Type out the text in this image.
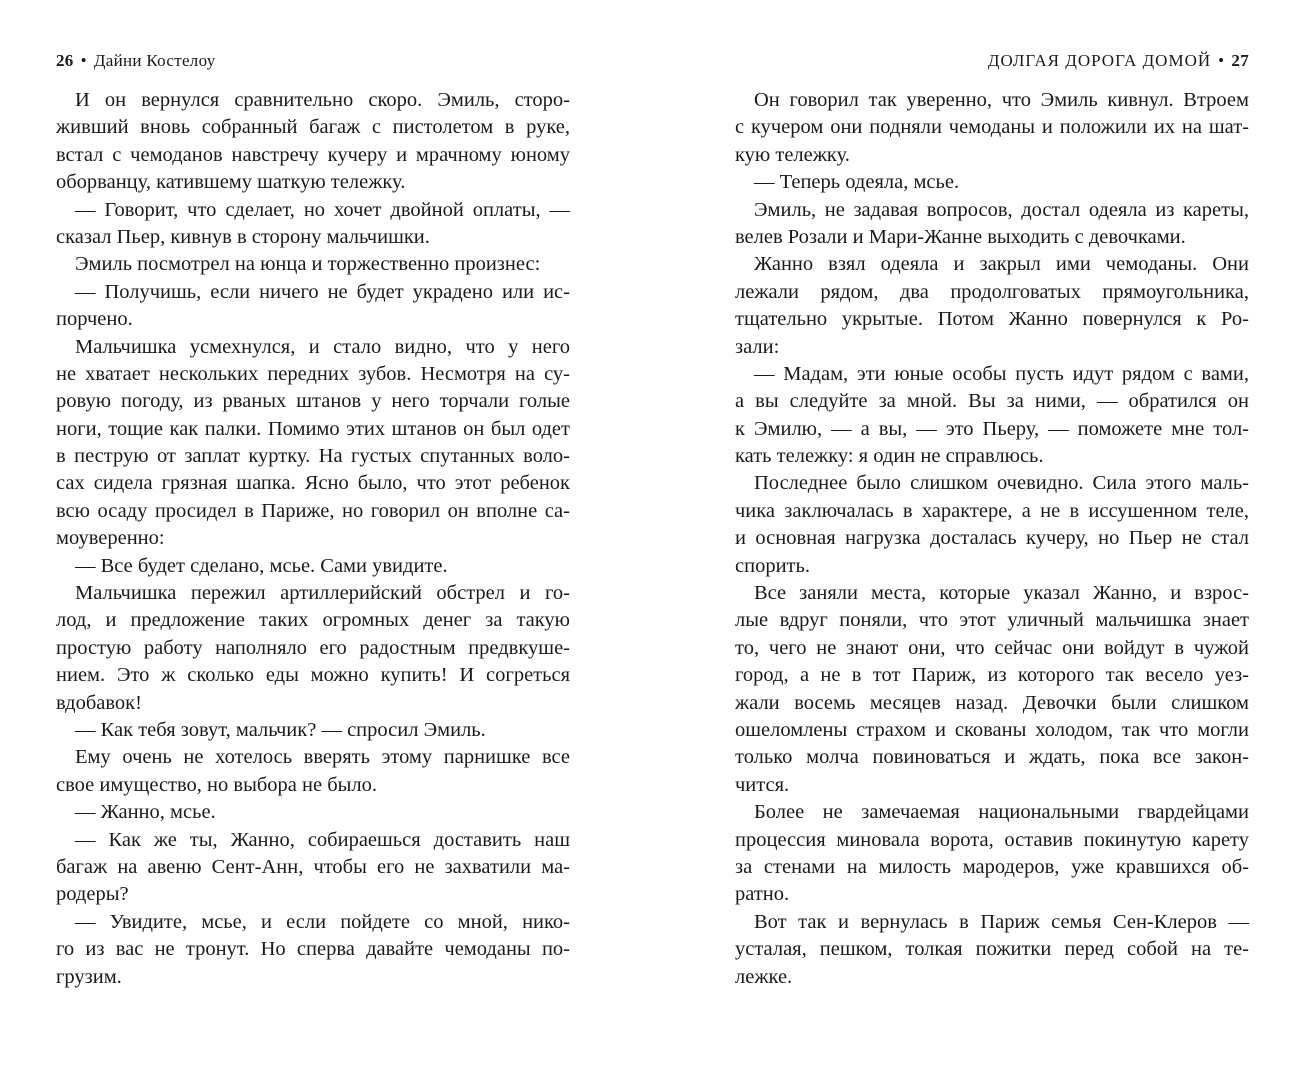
26 • Дайни Костелоу
И он вернулся сравнительно скоро. Эмиль, сторо-
живший вновь собранный багаж с пистолетом в руке,
встал с чемоданов навстречу кучеру и мрачному юному
оборванцу, катившему шаткую тележку.
— Говорит, что сделает, но хочет двойной оплаты, —
сказал Пьер, кивнув в сторону мальчишки.
Эмиль посмотрел на юнца и торжественно произнес:
— Получишь, если ничего не будет украдено или ис-
порчено.
Мальчишка усмехнулся, и стало видно, что у него
не хватает нескольких передних зубов. Несмотря на су-
ровую погоду, из рваных штанов у него торчали голые
ноги, тощие как палки. Помимо этих штанов он был одет
в пеструю от заплат куртку. На густых спутанных воло-
сах сидела грязная шапка. Ясно было, что этот ребенок
всю осаду просидел в Париже, но говорил он вполне са-
моуверенно:
— Все будет сделано, мсье. Сами увидите.
Мальчишка пережил артиллерийский обстрел и го-
лод, и предложение таких огромных денег за такую
простую работу наполняло его радостным предвкуше-
нием. Это ж сколько еды можно купить! И согреться
вдобавок!
— Как тебя зовут, мальчик? — спросил Эмиль.
Ему очень не хотелось вверять этому парнишке все
свое имущество, но выбора не было.
— Жанно, мсье.
— Как же ты, Жанно, собираешься доставить наш
багаж на авеню Сент-Анн, чтобы его не захватили ма-
родеры?
— Увидите, мсье, и если пойдете со мной, нико-
го из вас не тронут. Но сперва давайте чемоданы по-
грузим.
ДОЛГАЯ ДОРОГА ДОМОЙ • 27
Он говорил так уверенно, что Эмиль кивнул. Втроем
с кучером они подняли чемоданы и положили их на шат-
кую тележку.
— Теперь одеяла, мсье.
Эмиль, не задавая вопросов, достал одеяла из кареты,
велев Розали и Мари-Жанне выходить с девочками.
Жанно взял одеяла и закрыл ими чемоданы. Они
лежали рядом, два продолговатых прямоугольника,
тщательно укрытые. Потом Жанно повернулся к Ро-
зали:
— Мадам, эти юные особы пусть идут рядом с вами,
а вы следуйте за мной. Вы за ними, — обратился он
к Эмилю, — а вы, — это Пьеру, — поможете мне тол-
кать тележку: я один не справлюсь.
Последнее было слишком очевидно. Сила этого маль-
чика заключалась в характере, а не в иссушенном теле,
и основная нагрузка досталась кучеру, но Пьер не стал
спорить.
Все заняли места, которые указал Жанно, и взрос-
лые вдруг поняли, что этот уличный мальчишка знает
то, чего не знают они, что сейчас они войдут в чужой
город, а не в тот Париж, из которого так весело уез-
жали восемь месяцев назад. Девочки были слишком
ошеломлены страхом и скованы холодом, так что могли
только молча повиноваться и ждать, пока все закон-
чится.
Более не замечаемая национальными гвардейцами
процессия миновала ворота, оставив покинутую карету
за стенами на милость мародеров, уже кравшихся об-
ратно.
Вот так и вернулась в Париж семья Сен-Клеров —
усталая, пешком, толкая пожитки перед собой на те-
лежке.
